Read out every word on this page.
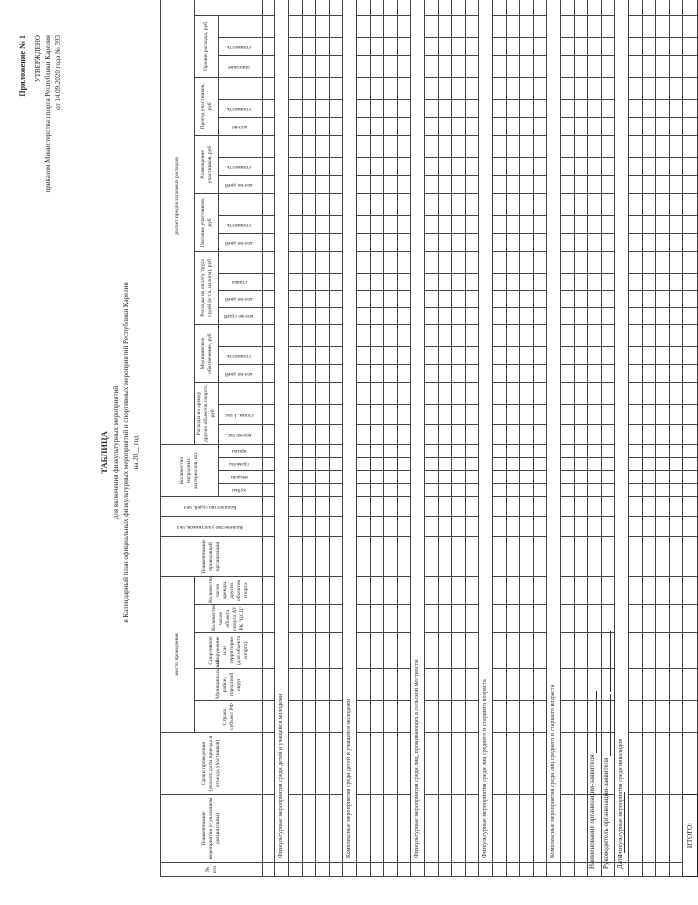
Приложение № 1 УТВЕРЖДЕНО приказом Министерства спорта Республики Карелия от 14.09.2020 года № 393
ТАБЛИЦА для включения физкультурных мероприятий в Календарный план официальных физкультурных мероприятий и спортивных мероприятий Республики Карелия на 20__ год
№ п/п	Наименование мероприятия (с указанием дисциплины)	Сроки проведения (указать даты приезда и отъезда участников)	место проведения					Наименование проводящей организации	Количество участников, чел	Количество судей, чел	Количество наградных материалов, шт				расчет предполагаемых расходов		
			Страна, субъект РФ	Муниципальный район, городской округ	Спортивное сооружение или территория (для объекта спорта)	Количество часов объекта спорта АУ РК "ЦСП"	Количество часов аренды других объектов спорта								Расходы на аренду других объектов спорта, руб			Медицинское обеспечение, руб			Расходы на оплату труда судей (в т.ч. налоги), руб				Питание участников, руб			Размещение участников, руб			Проезд участников, руб			Прочие расходы, руб					
											кубки	медали	грамоты	призы	кол-во час.	стоим. 1 час		кол-во дней	стоимость		кол-во судей	кол-во дней	ставка		кол-во дней	стоимость		кол-во дней	стоимость		кол-во	стоимость		описание	стоимость				

	Физкультурные мероприятия среди детей и учащейся молодежи																																						

	Комплексные мероприятия среди детей и учащейся молодежи																																						

	Физкультурные мероприятия среди лиц, проживающих в сельской местности																																						

	Физкультурные мероприятия среди лиц среднего и старшего возраста																																						

	Комплексные мероприятия среди лиц среднего и старшего возраста																																						

	Физкультурные мероприятия среди инвалидов																																						

ИТОГО:																																							
Наименование организации-заявителя Руководитель организации-заявителя Дата
